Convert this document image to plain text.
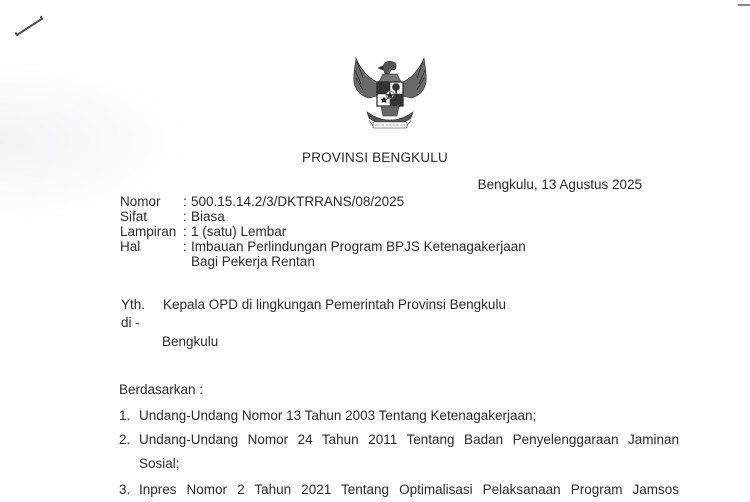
PROVINSI BENGKULU
Bengkulu, 13 Agustus 2025
Nomor	: 500.15.14.2/3/DKTRRANS/08/2025
Sifat	: Biasa
Lampiran : 1 (satu) Lembar
Hal	: Imbauan Perlindungan Program BPJS Ketenagakerjaan
Bagi Pekerja Rentan
Yth.	Kepala OPD di lingkungan Pemerintah Provinsi Bengkulu
di -
Bengkulu
Berdasarkan :
1. Undang-Undang Nomor 13 Tahun 2003 Tentang Ketenagakerjaan;
2. Undang-Undang Nomor 24 Tahun 2011 Tentang Badan Penyelenggaraan Jaminan
Sosial;
3. Inpres Nomor 2 Tahun 2021 Tentang Optimalisasi Pelaksanaan Program Jamsos
